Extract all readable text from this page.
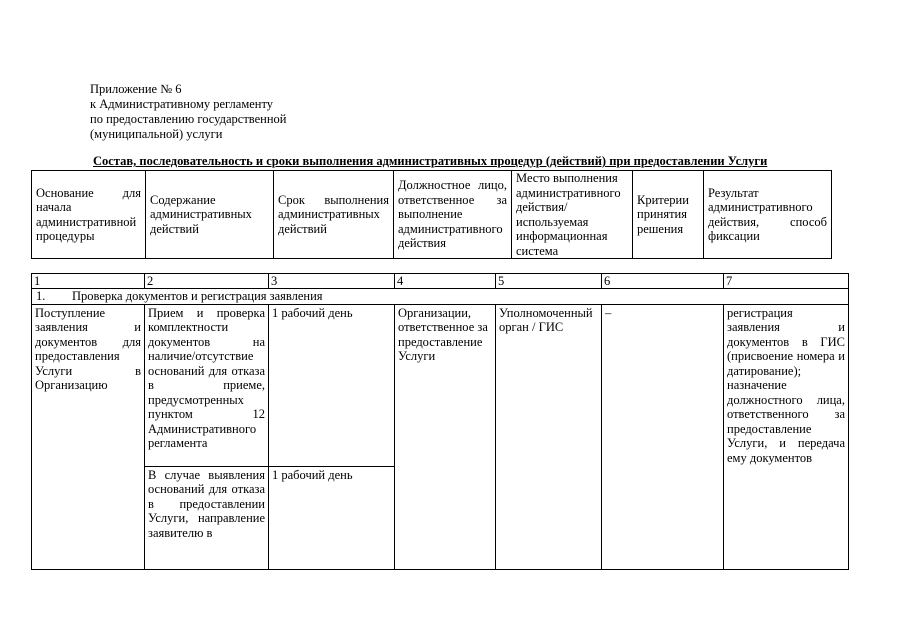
Приложение № 6
к Административному регламенту
по предоставлению государственной
(муниципальной) услуги
Состав, последовательность и сроки выполнения административных процедур (действий) при предоставлении Услуги
Основание для начала административной процедуры	Содержание административных действий	Срок выполнения административных действий	Должностное лицо, ответственное за выполнение административного действия	Место выполнения административного действия/ используемая информационная система	Критерии принятия решения	Результат административного действия, способ фиксации
1	2	3	4	5	6	7
1. Проверка документов и регистрация заявления						
Поступление заявления и документов для предоставления Услуги в Организацию	Прием и проверка комплектности документов на наличие/отсутствие оснований для отказа в приеме, предусмотренных пунктом 12 Административного регламента	1 рабочий день	Организации, ответственное за предоставление Услуги	Уполномоченный орган / ГИС	–	регистрация заявления и документов в ГИС (присвоение номера и датирование); назначение должностного лица, ответственного за предоставление Услуги, и передача ему документов
	В случае выявления оснований для отказа в предоставлении Услуги, направление заявителю в	1 рабочий день				
